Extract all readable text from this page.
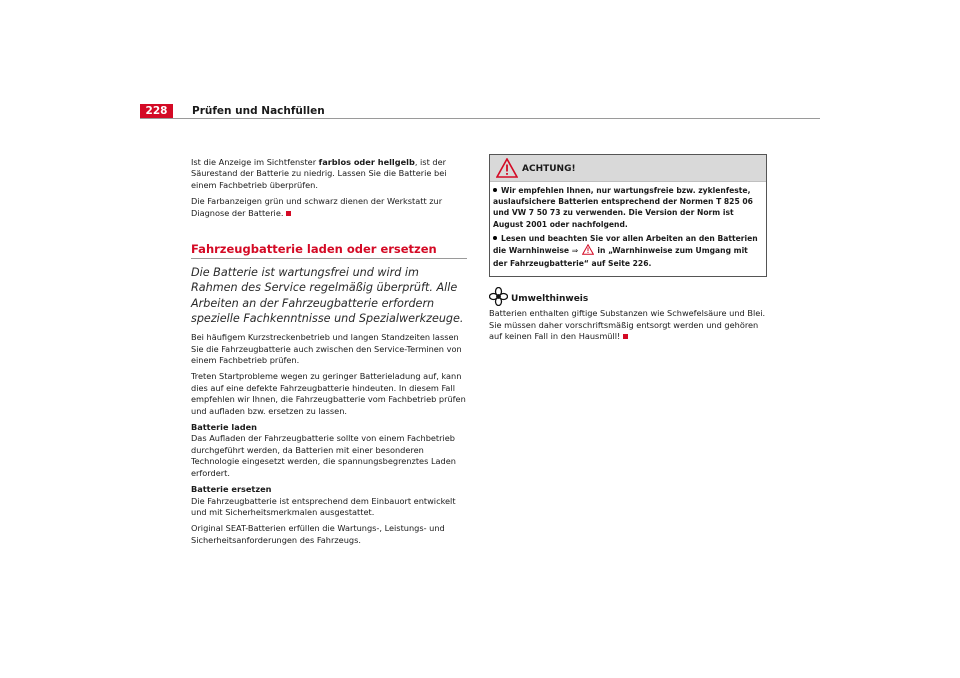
228	Prüfen und Nachfüllen

Ist die Anzeige im Sichtfenster farblos oder hellgelb, ist der Säurestand der Batterie zu niedrig. Lassen Sie die Batterie bei einem Fachbetrieb überprüfen.

Die Farbanzeigen grün und schwarz dienen der Werkstatt zur Diagnose der Batterie.

Fahrzeugbatterie laden oder ersetzen
Die Batterie ist wartungsfrei und wird im Rahmen des Service regelmäßig überprüft. Alle Arbeiten an der Fahrzeugbatterie erfordern spezielle Fachkenntnisse und Spezialwerkzeuge.

Bei häufigem Kurzstreckenbetrieb und langen Standzeiten lassen Sie die Fahrzeugbatterie auch zwischen den Service-Terminen von einem Fachbetrieb prüfen.

Treten Startprobleme wegen zu geringer Batterieladung auf, kann dies auf eine defekte Fahrzeugbatterie hindeuten. In diesem Fall empfehlen wir Ihnen, die Fahrzeugbatterie vom Fachbetrieb prüfen und aufladen bzw. ersetzen zu lassen.

Batterie laden

Das Aufladen der Fahrzeugbatterie sollte von einem Fachbetrieb durchgeführt werden, da Batterien mit einer besonderen Technologie eingesetzt werden, die spannungsbegrenztes Laden erfordert.

Batterie ersetzen

Die Fahrzeugbatterie ist entsprechend dem Einbauort entwickelt und mit Sicherheitsmerkmalen ausgestattet.

Original SEAT-Batterien erfüllen die Wartungs-, Leistungs- und Sicherheitsanforderungen des Fahrzeugs.

ACHTUNG!

Wir empfehlen Ihnen, nur wartungsfreie bzw. zyklenfeste, auslaufsichere Batterien entsprechend der Normen T 825 06 und VW 7 50 73 zu verwenden. Die Version der Norm ist August 2001 oder nachfolgend.

Lesen und beachten Sie vor allen Arbeiten an den Batterien die Warnhinweise ⇒	in „Warnhinweise zum Umgang mit der Fahrzeugbatterie“ auf Seite 226.

Umwelthinweis
Batterien enthalten giftige Substanzen wie Schwefelsäure und Blei. Sie müssen daher vorschriftsmäßig entsorgt werden und gehören auf keinen Fall in den Hausmüll!
